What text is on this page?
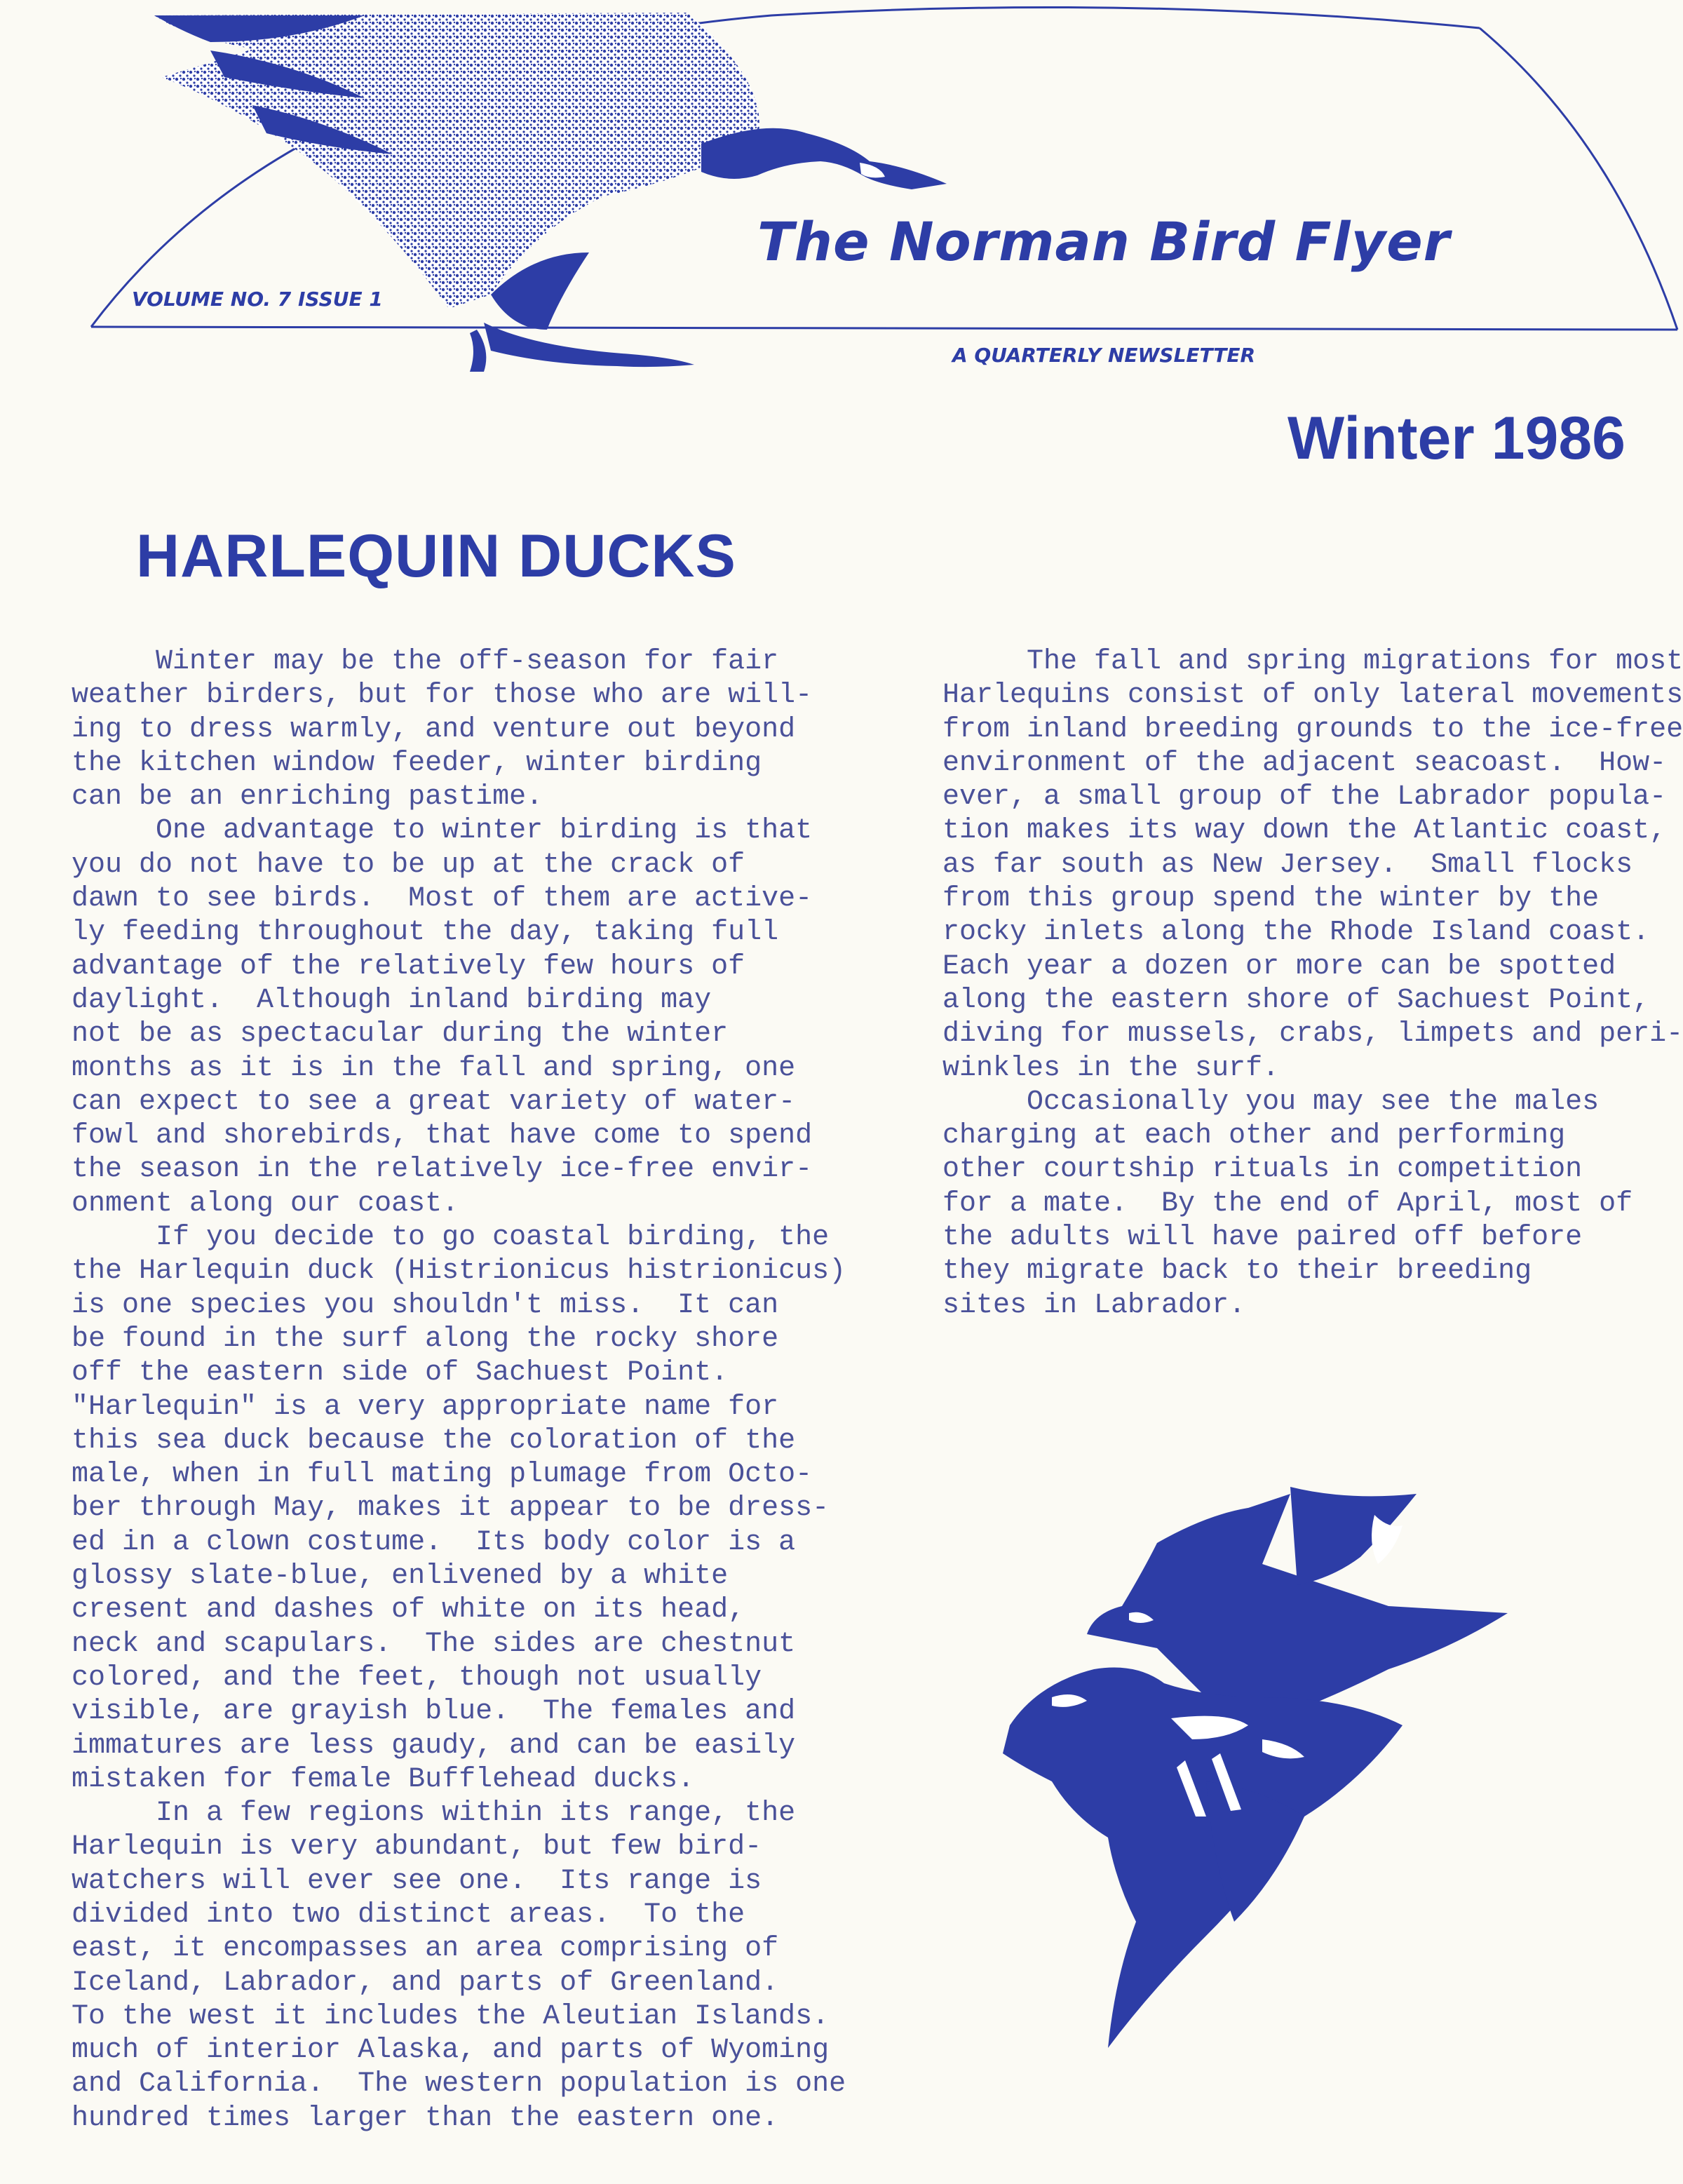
The Norman Bird Flyer
VOLUME NO. 7 ISSUE 1
A QUARTERLY NEWSLETTER
Winter 1986
HARLEQUIN DUCKS
Winter may be the off-season for fair
weather birders, but for those who are will-
ing to dress warmly, and venture out beyond
the kitchen window feeder, winter birding
can be an enriching pastime.
One advantage to winter birding is that
you do not have to be up at the crack of
dawn to see birds.  Most of them are active-
ly feeding throughout the day, taking full
advantage of the relatively few hours of
daylight.  Although inland birding may
not be as spectacular during the winter
months as it is in the fall and spring, one
can expect to see a great variety of water-
fowl and shorebirds, that have come to spend
the season in the relatively ice-free envir-
onment along our coast.
If you decide to go coastal birding, the
the Harlequin duck (Histrionicus histrionicus)
is one species you shouldn't miss.  It can
be found in the surf along the rocky shore
off the eastern side of Sachuest Point.
"Harlequin" is a very appropriate name for
this sea duck because the coloration of the
male, when in full mating plumage from Octo-
ber through May, makes it appear to be dress-
ed in a clown costume.  Its body color is a
glossy slate-blue, enlivened by a white
cresent and dashes of white on its head,
neck and scapulars.  The sides are chestnut
colored, and the feet, though not usually
visible, are grayish blue.  The females and
immatures are less gaudy, and can be easily
mistaken for female Bufflehead ducks.
In a few regions within its range, the
Harlequin is very abundant, but few bird-
watchers will ever see one.  Its range is
divided into two distinct areas.  To the
east, it encompasses an area comprising of
Iceland, Labrador, and parts of Greenland.
To the west it includes the Aleutian Islands.
much of interior Alaska, and parts of Wyoming
and California.  The western population is one
hundred times larger than the eastern one.
The fall and spring migrations for most
Harlequins consist of only lateral movements
from inland breeding grounds to the ice-free
environment of the adjacent seacoast.  How-
ever, a small group of the Labrador popula-
tion makes its way down the Atlantic coast,
as far south as New Jersey.  Small flocks
from this group spend the winter by the
rocky inlets along the Rhode Island coast.
Each year a dozen or more can be spotted
along the eastern shore of Sachuest Point,
diving for mussels, crabs, limpets and peri-
winkles in the surf.
Occasionally you may see the males
charging at each other and performing
other courtship rituals in competition
for a mate.  By the end of April, most of
the adults will have paired off before
they migrate back to their breeding
sites in Labrador.
